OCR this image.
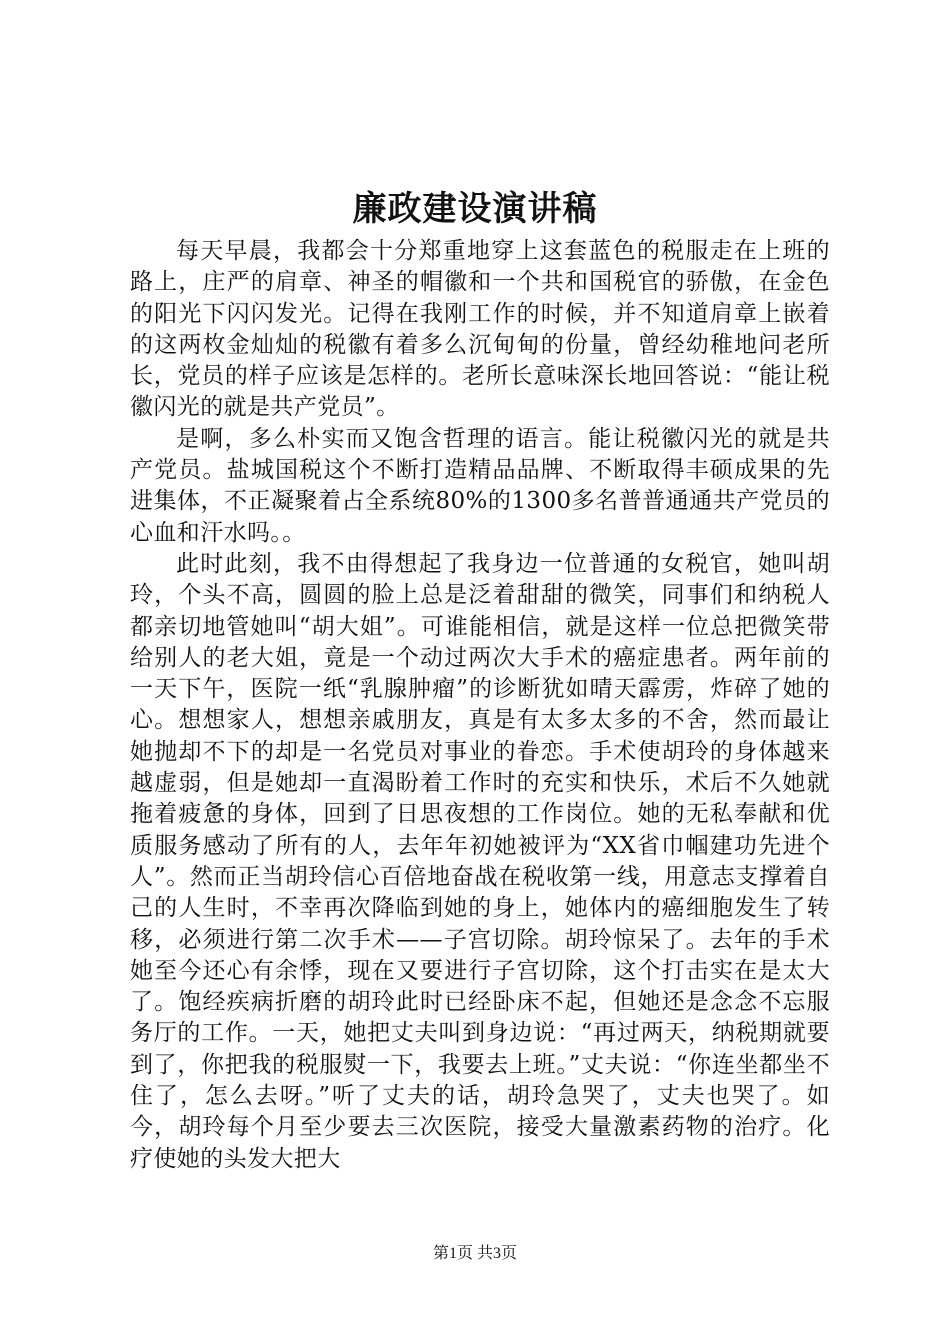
廉政建设演讲稿

每天早晨，我都会十分郑重地穿上这套蓝色的税服走在上班的路上，庄严的肩章、神圣的帽徽和一个共和国税官的骄傲，在金色的阳光下闪闪发光。记得在我刚工作的时候，并不知道肩章上嵌着的这两枚金灿灿的税徽有着多么沉甸甸的份量，曾经幼稚地问老所长，党员的样子应该是怎样的。老所长意味深长地回答说：“能让税徽闪光的就是共产党员”。

是啊，多么朴实而又饱含哲理的语言。能让税徽闪光的就是共产党员。盐城国税这个不断打造精品品牌、不断取得丰硕成果的先进集体，不正凝聚着占全系统80%的1300多名普普通通共产党员的心血和汗水吗。。

此时此刻，我不由得想起了我身边一位普通的女税官，她叫胡玲，个头不高，圆圆的脸上总是泛着甜甜的微笑，同事们和纳税人都亲切地管她叫“胡大姐”。可谁能相信，就是这样一位总把微笑带给别人的老大姐，竟是一个动过两次大手术的癌症患者。两年前的一天下午，医院一纸“乳腺肿瘤”的诊断犹如晴天霹雳，炸碎了她的心。想想家人，想想亲戚朋友，真是有太多太多的不舍，然而最让她抛却不下的却是一名党员对事业的眷恋。手术使胡玲的身体越来越虚弱，但是她却一直渴盼着工作时的充实和快乐，术后不久她就拖着疲惫的身体，回到了日思夜想的工作岗位。她的无私奉献和优质服务感动了所有的人，去年年初她被评为“XX省巾帼建功先进个人”。然而正当胡玲信心百倍地奋战在税收第一线，用意志支撑着自己的人生时，不幸再次降临到她的身上，她体内的癌细胞发生了转移，必须进行第二次手术——子宫切除。胡玲惊呆了。去年的手术她至今还心有余悸，现在又要进行子宫切除，这个打击实在是太大了。饱经疾病折磨的胡玲此时已经卧床不起，但她还是念念不忘服务厅的工作。一天，她把丈夫叫到身边说：“再过两天，纳税期就要到了，你把我的税服熨一下，我要去上班。”丈夫说：“你连坐都坐不住了，怎么去呀。”听了丈夫的话，胡玲急哭了，丈夫也哭了。如今，胡玲每个月至少要去三次医院，接受大量激素药物的治疗。化疗使她的头发大把大

第1页 共3页
